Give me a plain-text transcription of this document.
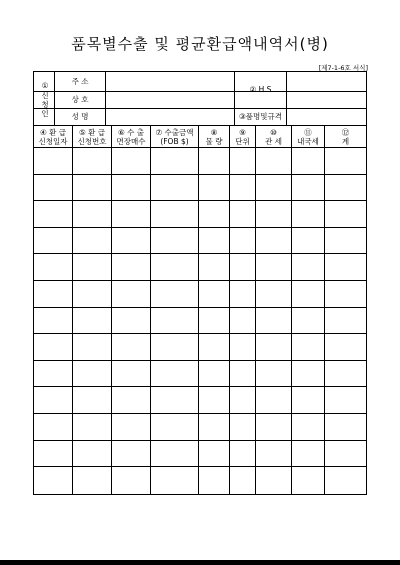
품목별수출 및 평균환급액내역서(병)
[제7-1-6호 서식]
①
신
청
인
주 소
상 호
성 명
② H S
③품명및규격
④ 환 급
신청일자
⑤ 환 급
신청번호
⑥ 수 출
면장매수
⑦ 수출금액
(FOB $)
⑧
물 량
⑨
단위
⑩
관 세
⑪
내국세
⑫
계
